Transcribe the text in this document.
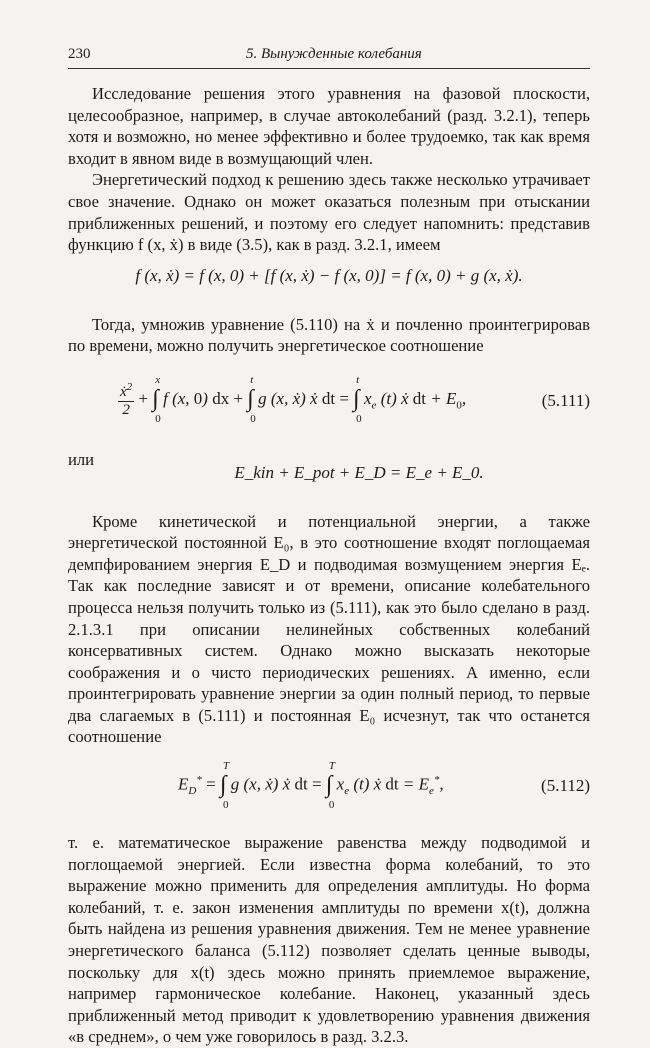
230	5. Вынужденные колебания

Исследование решения этого уравнения на фазовой плоскости, целесообразное, например, в случае автоколебаний (разд. 3.2.1), теперь хотя и возможно, но менее эффективно и более трудоемко, так как время входит в явном виде в возмущающий член.

Энергетический подход к решению здесь также несколько утрачивает свое значение. Однако он может оказаться полезным при отыскании приближенных решений, и поэтому его следует напомнить: представив функцию f (x, ẋ) в виде (3.5), как в разд. 3.2.1, имеем

f (x, ẋ) = f (x, 0) + [f (x, ẋ) − f (x, 0)] = f (x, 0) + g (x, ẋ).

Тогда, умножив уравнение (5.110) на ẋ и почленно проинтегрировав по времени, можно получить энергетическое соотношение

$\frac{ẋ^2}{2}$ + ∫
x
0
f (x, 0) dx + ∫
t
0
g (x, ẋ) ẋ dt = ∫
t
0
$x_e$ (t) ẋ dt + $E_0$,	(5.111)

или

E_kin + E_pot + E_D = E_e + E_0.

Кроме кинетической и потенциальной энергии, а также энергетической постоянной E₀, в это соотношение входят поглощаемая демпфированием энергия E_D и подводимая возмущением энергия Eₑ. Так как последние зависят и от времени, описание колебательного процесса нельзя получить только из (5.111), как это было сделано в разд. 2.1.3.1 при описании нелинейных собственных колебаний консервативных систем. Однако можно высказать некоторые соображения и о чисто периодических решениях. А именно, если проинтегрировать уравнение энергии за один полный период, то первые два слагаемых в (5.111) и постоянная E₀ исчезнут, так что останется соотношение

$E_D^*$ = ∫
T
0
g (x, ẋ) ẋ dt = ∫
T
0
$x_e$ (t) ẋ dt = $E_e^*$,	(5.112)

т. е. математическое выражение равенства между подводимой и поглощаемой энергией. Если известна форма колебаний, то это выражение можно применить для определения амплитуды. Но форма колебаний, т. е. закон изменения амплитуды по времени x(t), должна быть найдена из решения уравнения движения. Тем не менее уравнение энергетического баланса (5.112) позволяет сделать ценные выводы, поскольку для x(t) здесь можно принять приемлемое выражение, например гармоническое колебание. Наконец, указанный здесь приближенный метод приводит к удовлетворению уравнения движения «в среднем», о чем уже говорилось в разд. 3.2.3.
